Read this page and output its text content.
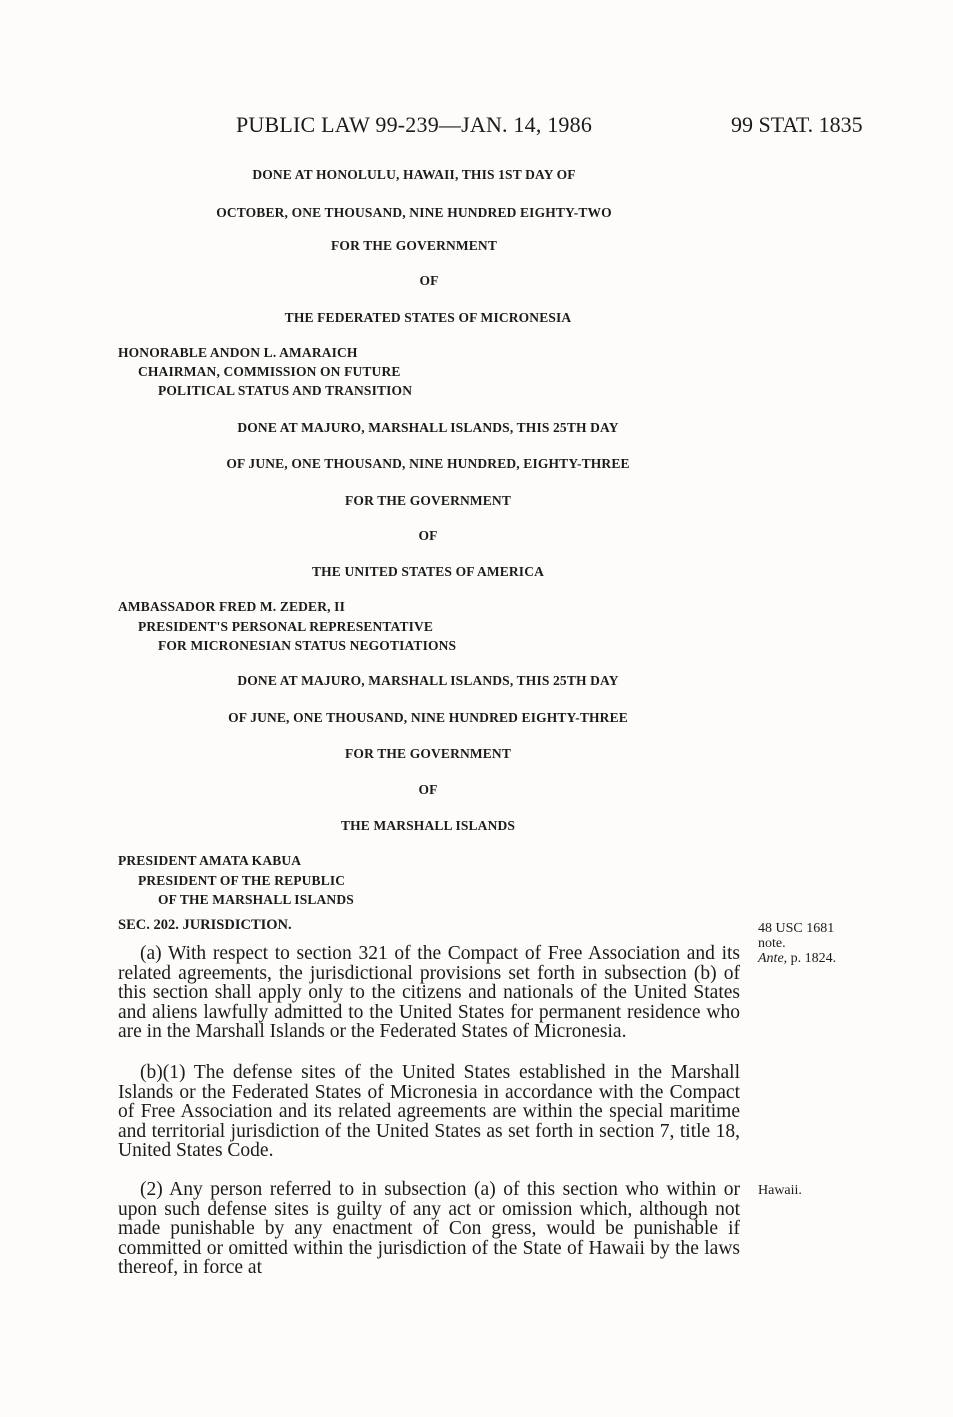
PUBLIC LAW 99-239—JAN. 14, 1986	99 STAT. 1835
DONE AT HONOLULU, HAWAII, THIS 1ST DAY OF
OCTOBER, ONE THOUSAND, NINE HUNDRED EIGHTY-TWO
FOR THE GOVERNMENT
OF
THE FEDERATED STATES OF MICRONESIA
HONORABLE ANDON L. AMARAICH
CHAIRMAN, COMMISSION ON FUTURE
POLITICAL STATUS AND TRANSITION
DONE AT MAJURO, MARSHALL ISLANDS, THIS 25TH DAY
OF JUNE, ONE THOUSAND, NINE HUNDRED, EIGHTY-THREE
FOR THE GOVERNMENT
OF
THE UNITED STATES OF AMERICA
AMBASSADOR FRED M. ZEDER, II
PRESIDENT'S PERSONAL REPRESENTATIVE
FOR MICRONESIAN STATUS NEGOTIATIONS
DONE AT MAJURO, MARSHALL ISLANDS, THIS 25TH DAY
OF JUNE, ONE THOUSAND, NINE HUNDRED EIGHTY-THREE
FOR THE GOVERNMENT
OF
THE MARSHALL ISLANDS
PRESIDENT AMATA KABUA
PRESIDENT OF THE REPUBLIC
OF THE MARSHALL ISLANDS
SEC. 202. JURISDICTION.

(a) With respect to section 321 of the Compact of Free Association and its related agreements, the jurisdictional provisions set forth in subsection (b) of this section shall apply only to the citizens and nationals of the United States and aliens lawfully admitted to the United States for permanent residence who are in the Marshall Islands or the Federated States of Micronesia.

(b)(1) The defense sites of the United States established in the Marshall Islands or the Federated States of Micronesia in accordance with the Compact of Free Association and its related agreements are within the special maritime and territorial jurisdiction of the United States as set forth in section 7, title 18, United States Code.

(2) Any person referred to in subsection (a) of this section who within or upon such defense sites is guilty of any act or omission which, although not made punishable by any enactment of Con gress, would be punishable if committed or omitted within the jurisdiction of the State of Hawaii by the laws thereof, in force at

48 USC 1681
note.
Ante, p. 1824.
Hawaii.
